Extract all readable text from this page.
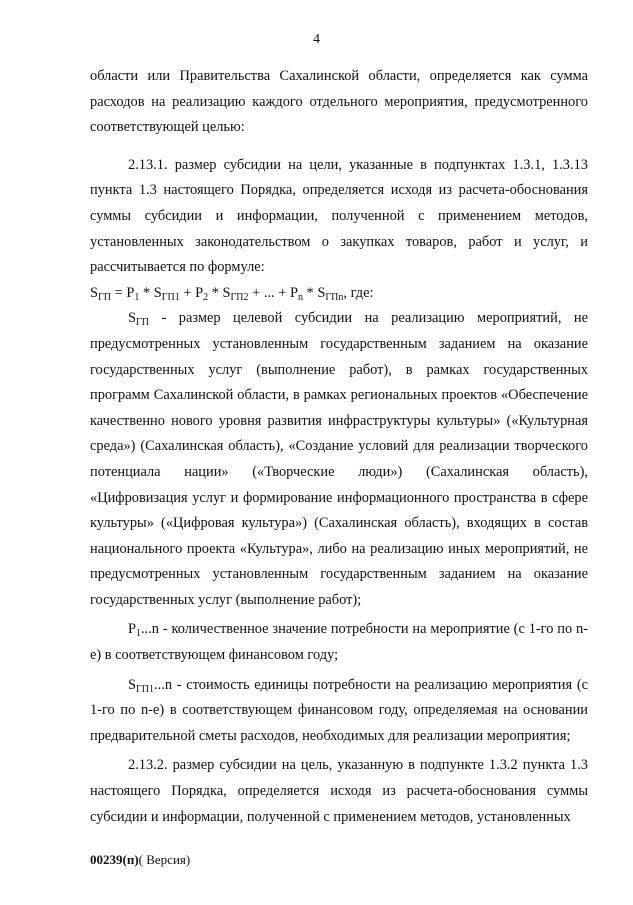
4

области или Правительства Сахалинской области, определяется как сумма расходов на реализацию каждого отдельного мероприятия, предусмотренного соответствующей целью:

2.13.1. размер субсидии на цели, указанные в подпунктах 1.3.1, 1.3.13 пункта 1.3 настоящего Порядка, определяется исходя из расчета-обоснования суммы субсидии и информации, полученной с применением методов, установленных законодательством о закупках товаров, работ и услуг, и рассчитывается по формуле:

$S_{ГП} = P_1 * S_{ГП1} + P_2 * S_{ГП2}$ + ... + $P_n * S_{ГПn}$, где:

$S_{ГП}$ - размер целевой субсидии на реализацию мероприятий, не предусмотренных установленным государственным заданием на оказание государственных услуг (выполнение работ), в рамках государственных программ Сахалинской области, в рамках региональных проектов «Обеспечение качественно нового уровня развития инфраструктуры культуры» («Культурная среда») (Сахалинская область), «Создание условий для реализации творческого потенциала нации» («Творческие люди») (Сахалинская область), «Цифровизация услуг и формирование информационного пространства в сфере культуры» («Цифровая культура») (Сахалинская область), входящих в состав национального проекта «Культура», либо на реализацию иных мероприятий, не предусмотренных установленным государственным заданием на оказание государственных услуг (выполнение работ);

$P_1...n$ - количественное значение потребности на мероприятие (с 1-го по n-е) в соответствующем финансовом году;

$S_{ГП1}...n$ - стоимость единицы потребности на реализацию мероприятия (с 1-го по n-е) в соответствующем финансовом году, определяемая на основании предварительной сметы расходов, необходимых для реализации мероприятия;

2.13.2. размер субсидии на цель, указанную в подпункте 1.3.2 пункта 1.3 настоящего Порядка, определяется исходя из расчета-обоснования суммы субсидии и информации, полученной с применением методов, установленных

00239(п)( Версия)
